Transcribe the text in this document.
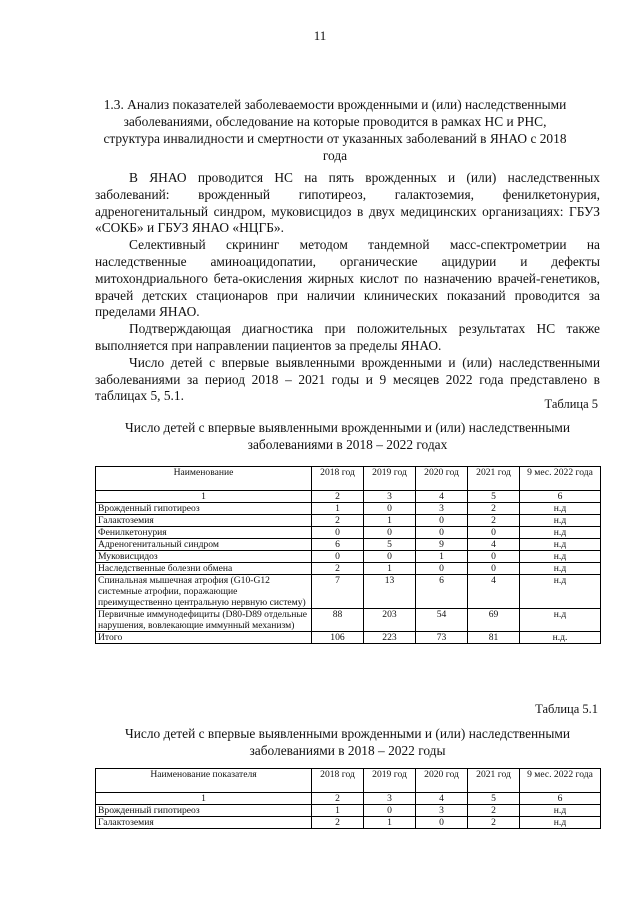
11
1.3. Анализ показателей заболеваемости врожденными и (или) наследственными заболеваниями, обследование на которые проводится в рамках НС и РНС, структура инвалидности и смертности от указанных заболеваний в ЯНАО с 2018 года

В ЯНАО проводится НС на пять врожденных и (или) наследственных заболеваний: врожденный гипотиреоз, галактоземия, фенилкетонурия, адреногенитальный синдром, муковисцидоз в двух медицинских организациях: ГБУЗ «СОКБ» и ГБУЗ ЯНАО «НЦГБ».

Селективный скрининг методом тандемной масс-спектрометрии на наследственные аминоацидопатии, органические ацидурии и дефекты митохондриального бета-окисления жирных кислот по назначению врачей-генетиков, врачей детских стационаров при наличии клинических показаний проводится за пределами ЯНАО.

Подтверждающая диагностика при положительных результатах НС также выполняется при направлении пациентов за пределы ЯНАО.

Число детей с впервые выявленными врожденными и (или) наследственными заболеваниями за период 2018 – 2021 годы и 9 месяцев 2022 года представлено в таблицах 5, 5.1.

Таблица 5
Число детей с впервые выявленными врожденными и (или) наследственными заболеваниями в 2018 – 2022 годах
Наименование	2018 год	2019 год	2020 год	2021 год	9 мес. 2022 года
1	2	3	4	5	6
Врожденный гипотиреоз	1	0	3	2	н.д
Галактоземия	2	1	0	2	н.д
Фенилкетонурия	0	0	0	0	н.д
Адреногенитальный синдром	6	5	9	4	н.д
Муковисцидоз	0	0	1	0	н.д
Наследственные болезни обмена	2	1	0	0	н.д
Спинальная мышечная атрофия (G10-G12 системные атрофии, поражающие преимущественно центральную нервную систему)	7	13	6	4	н.д
Первичные иммунодефициты (D80-D89 отдельные нарушения, вовлекающие иммунный механизм)	88	203	54	69	н.д
Итого	106	223	73	81	н.д.
Таблица 5.1
Число детей с впервые выявленными врожденными и (или) наследственными заболеваниями в 2018 – 2022 годы
Наименование показателя	2018 год	2019 год	2020 год	2021 год	9 мес. 2022 года
1	2	3	4	5	6
Врожденный гипотиреоз	1	0	3	2	н.д
Галактоземия	2	1	0	2	н.д
